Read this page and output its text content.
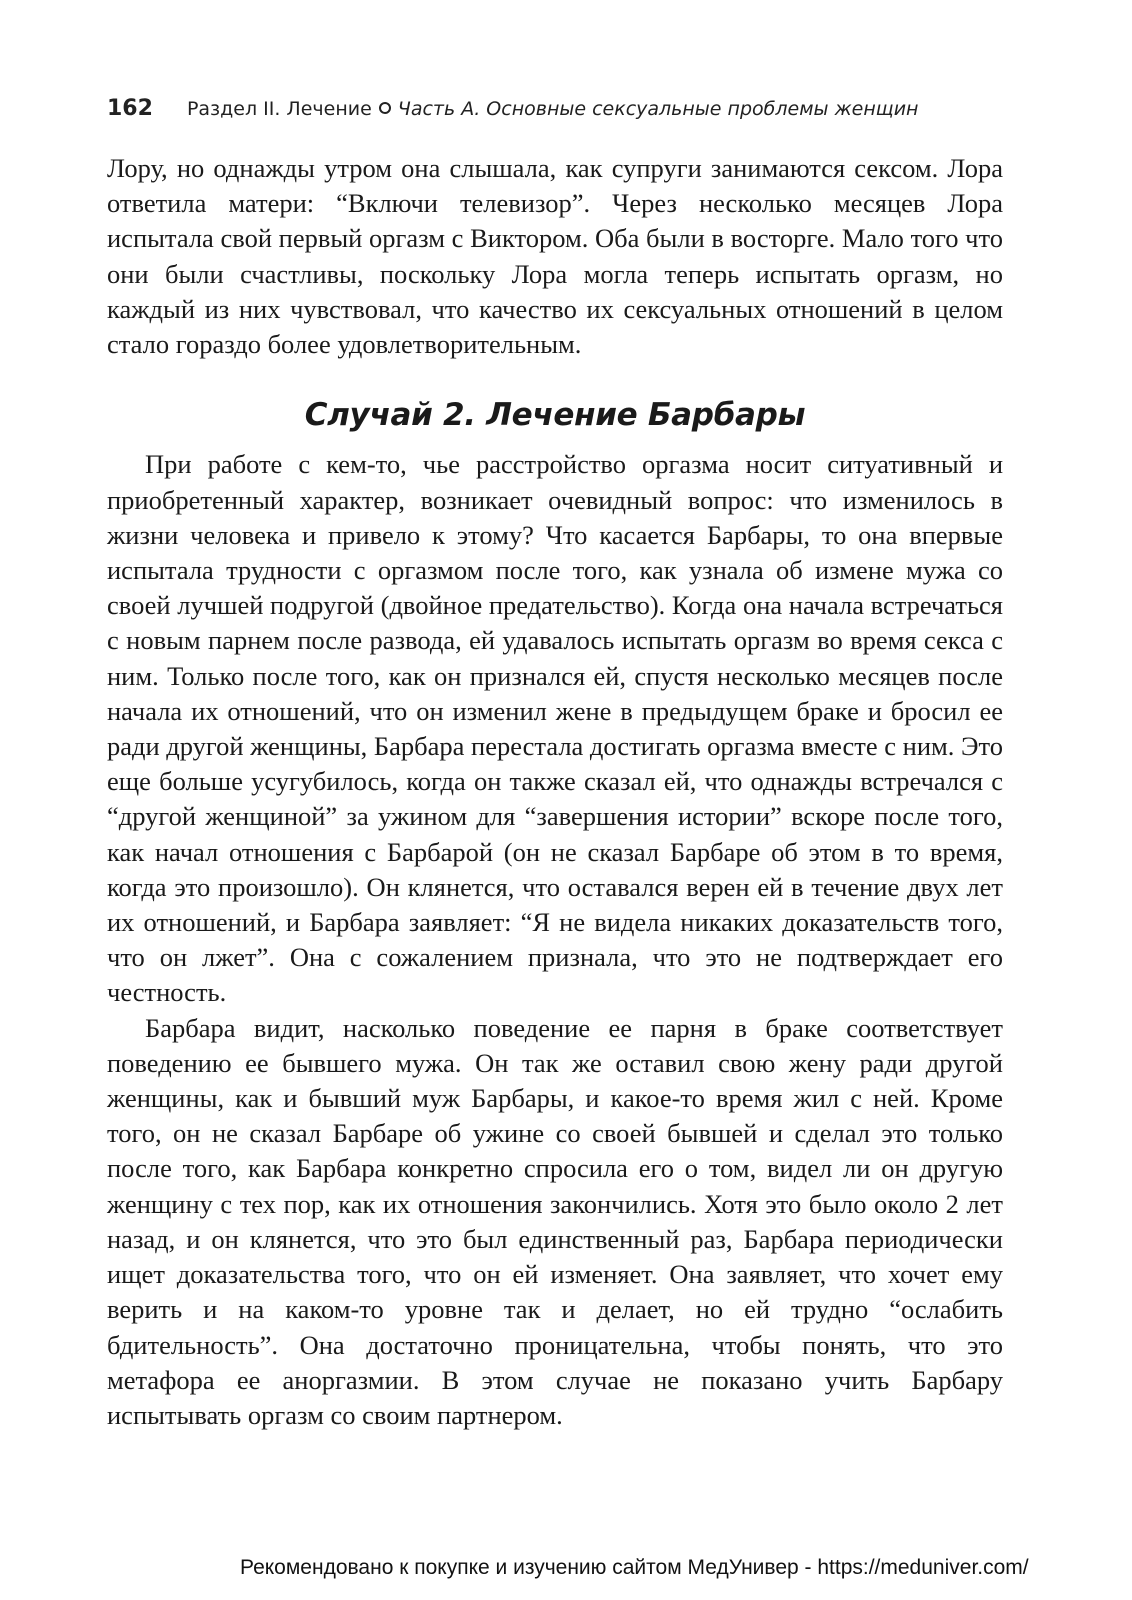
162 Раздел II. Лечение Часть А. Основные сексуальные проблемы женщин

Лору, но однажды утром она слышала, как супруги занимаются сексом. Лора ответила матери: “Включи телевизор”. Через несколько месяцев Лора испытала свой первый оргазм с Виктором. Оба были в восторге. Мало того что они были счастливы, поскольку Лора могла теперь испытать оргазм, но каждый из них чувствовал, что качество их сексуальных отношений в целом стало гораздо более удовлетворительным.

Случай 2. Лечение Барбары

При работе с кем-то, чье расстройство оргазма носит ситуативный и приобретенный характер, возникает очевидный вопрос: что изменилось в жизни человека и привело к этому? Что касается Барбары, то она впервые испытала трудности с оргазмом после того, как узнала об измене мужа со своей лучшей подругой (двойное предательство). Когда она начала встречаться с новым парнем после развода, ей удавалось испытать оргазм во время секса с ним. Только после того, как он признался ей, спустя несколько месяцев после начала их отношений, что он изменил жене в предыдущем браке и бросил ее ради другой женщины, Барбара перестала достигать оргазма вместе с ним. Это еще больше усугубилось, когда он также сказал ей, что однажды встречался с “другой женщиной” за ужином для “завершения истории” вскоре после того, как начал отношения с Барбарой (он не сказал Барбаре об этом в то время, когда это произошло). Он клянется, что оставался верен ей в течение двух лет их отношений, и Барбара заявляет: “Я не видела никаких доказательств того, что он лжет”. Она с сожалением признала, что это не подтверждает его честность.

Барбара видит, насколько поведение ее парня в браке соответствует поведению ее бывшего мужа. Он так же оставил свою жену ради другой женщины, как и бывший муж Барбары, и какое-то время жил с ней. Кроме того, он не сказал Барбаре об ужине со своей бывшей и сделал это только после того, как Барбара конкретно спросила его о том, видел ли он другую женщину с тех пор, как их отношения закончились. Хотя это было около 2 лет назад, и он клянется, что это был единственный раз, Барбара периодически ищет доказательства того, что он ей изменяет. Она заявляет, что хочет ему верить и на каком-то уровне так и делает, но ей трудно “ослабить бдительность”. Она достаточно проницательна, чтобы понять, что это метафора ее аноргазмии. В этом случае не показано учить Барбару испытывать оргазм со своим партнером.

Рекомендовано к покупке и изучению сайтом МедУнивер - https://meduniver.com/
